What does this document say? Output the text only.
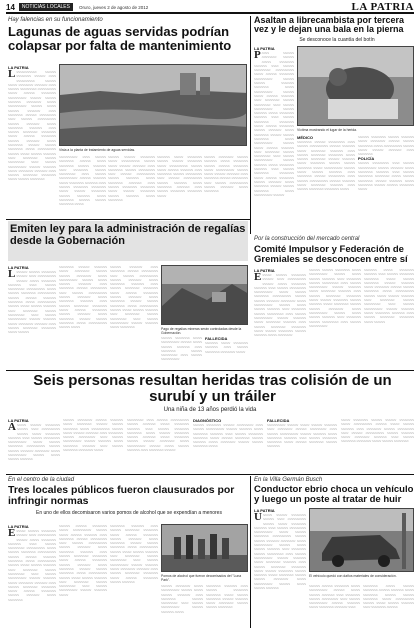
14	NOTICIAS LOCALES	Oruro, jueves 2 de agosto de 2012	LA PATRIA
Hay falencias en su funcionamiento
Lagunas de aguas servidas podrían colapsar por falta de mantenimiento
LA PATRIA
L ~~~~~~~~~~~ ~~~~~~ ~~~~~~~~ ~~~~~~ ~~~~ ~~~~~~~~~~ ~~~~~~ ~~~~~ ~~~~~~~~ ~~~~~~~ ~~~~ ~~~~~~ ~~~~~~~~~ ~~~~~~~~~~ ~~~~~ ~~~~~~ ~~~~~~~~ ~~~~~~~~~~ ~~~~~~ ~~~~~~ ~~~~~~~ ~~~~~~~~ ~~~~~ ~~~~~~~~~~ ~~~~~~ ~~~~~ ~~~~~~ ~~~~~~~ ~~~~ ~~~~~~~~ ~~~~~~ ~~~~~~~~~ ~~~~ ~~~~~~ ~~~~~~~~~~ ~~~~~~ ~~~~~~~ ~~~~~ ~~~~~~~~ ~~~~~~~ ~~~~ ~~~~~~ ~~~~~~~~ ~~~~~~~~ ~~~~~ ~~~~~~ ~~~~~~~~ ~~~~~~ ~~~~~~~ ~~~~~ ~~~~~~~~ ~~~~~~ ~~~~~~ ~~~~~~~~ ~~~~~ ~~~~~~~~~~ ~~~~~~ ~~~~~ ~~~~~~ ~~~~~~~ ~~~~ ~~~~~~~~ ~~~~~~ ~~~~~~~~~ ~~~~ ~~~~~~ ~~~~~~~~~~ ~~~~~~ ~~~~~~~ ~~~~~ ~~~~~~~~ ~~~~~~~ ~~~~ ~~~~~~ ~~~~~~~~ ~~~~~~~~ ~~~~~ ~~~~~~ ~~~~~~~~
Vista a la planta de tratamiento de aguas servidas.
~~~~~~~~~~ ~~~~ ~~~~~~ ~~~~~~~~ ~~~~~~ ~~~~~ ~~~~~~~~ ~~~~~~ ~~~~~~~ ~~~~ ~~~~~~~~ ~~~~~~ ~~~~~~~~~ ~~~~ ~~~~~~ ~~~~~~~~~~ ~~~~~~ ~~~~~~~ ~~~~~ ~~~~~~~~ ~~~~~~~ ~~~~ ~~~~~~ ~~~~~~~~ ~~~~~~~~ ~~~~~ ~~~~~~ ~~~~~~~~ ~~~~~~ ~~~~~~~ ~~~~~ ~~~~~~~~ ~~~~~~ ~~~~~~ ~~~~~~~~ ~~~~~
~~~~~~ ~~~~~~ ~~~~~~~~ ~~~~~ ~~~~~~~~~~ ~~~~~~ ~~~~~ ~~~~~~ ~~~~~~~ ~~~~ ~~~~~~~~ ~~~~~~ ~~~~~~~~~ ~~~~ ~~~~~~ ~~~~~~~~~~ ~~~~~~ ~~~~~~~ ~~~~~ ~~~~~~~~ ~~~~~~~ ~~~~ ~~~~~~ ~~~~~~~~ ~~~~~~~~ ~~~~~ ~~~~~~ ~~~~~~~~ ~~~~~~ ~~~~~~~ ~~~~~ ~~~~~~~~
~~~~~~~ ~~~~~ ~~~~~~~~ ~~~~~~ ~~~~~~ ~~~~~~~~ ~~~~~ ~~~~~~~~~~ ~~~~~~ ~~~~~ ~~~~~~ ~~~~~~~ ~~~~ ~~~~~~~~ ~~~~~~ ~~~~~~~~~ ~~~~ ~~~~~~ ~~~~~~~~~~ ~~~~~~ ~~~~~~~ ~~~~~ ~~~~~~~~ ~~~~~~~ ~~~~ ~~~~~~ ~~~~~~~~ ~~~~~~~~ ~~~~~
~~~~~~ ~~~~~~~~ ~~~~~~ ~~~~~~~ ~~~~~ ~~~~~~~~ ~~~~~~ ~~~~~~ ~~~~~~~~ ~~~~~ ~~~~~~~~~~ ~~~~~~ ~~~~~ ~~~~~~ ~~~~~~~ ~~~~ ~~~~~~~~ ~~~~~~ ~~~~~~~~~ ~~~~ ~~~~~~ ~~~~~~~~~~ ~~~~~~ ~~~~~~~ ~~~~~ ~~~~~~~~
Asaltan a librecambista por tercera vez y le dejan una bala en la pierna
Se desconoce la cuantía del botín
LA PATRIA
P ~~~~ ~~~~~~ ~~~~~~~~ ~~~~~~ ~~~~~ ~~~~~~~~ ~~~~~~~ ~~~~ ~~~~~~ ~~~~~~~~~ ~~~~~~~~~~ ~~~~~ ~~~~~~ ~~~~~~~~ ~~~~~~~~~~ ~~~~~~ ~~~~~~ ~~~~~~~ ~~~~~~~~ ~~~~~ ~~~~~~~~~~ ~~~~~~ ~~~~~ ~~~~~~ ~~~~~~~ ~~~~ ~~~~~~~~ ~~~~~~ ~~~~~~~~~ ~~~~ ~~~~~~ ~~~~~~~~~~ ~~~~~~ ~~~~~~~ ~~~~~ ~~~~~~~~ ~~~~~~~ ~~~~ ~~~~~~ ~~~~~~~~ ~~~~~~~~ ~~~~~ ~~~~~~ ~~~~~~~~ ~~~~~~ ~~~~~~~ ~~~~~ ~~~~~~~~ ~~~~~~ ~~~~~~ ~~~~~~~~ ~~~~~ ~~~~~~~~~~ ~~~~~~ ~~~~~ ~~~~~~ ~~~~~~~ ~~~~ ~~~~~~~~ ~~~~~~ ~~~~~~~~~ ~~~~ ~~~~~~ ~~~~~~~~~~ ~~~~~~ ~~~~~~~ ~~~~~ ~~~~~~~~ ~~~~~~~ ~~~~ ~~~~~~ ~~~~~~~~ ~~~~~~~~ ~~~~~ ~~~~~~ ~~~~~~~~ ~~~~~~ ~~~~~~~ ~~~~~ ~~~~~~~~ ~~~~~~ ~~~~~~ ~~~~~~~~ ~~~~~ ~~~~~~~~~~ ~~~~~~
Víctima mostrando el lugar de la herida.
MÉDICO
~~~~~~~~ ~~~~~~ ~~~~~~~~~ ~~~~ ~~~~~~ ~~~~~~~~~~ ~~~~~~ ~~~~~~~ ~~~~~ ~~~~~~~~ ~~~~~~~ ~~~~ ~~~~~~ ~~~~~~~~ ~~~~~~~~ ~~~~~ ~~~~~~ ~~~~~~~~ ~~~~~~ ~~~~~~~ ~~~~~ ~~~~~~~~ ~~~~~~ ~~~~~~ ~~~~~~~~ ~~~~~ ~~~~~~~~~~ ~~~~~~ ~~~~~ ~~~~~~ ~~~~~~~ ~~~~ ~~~~~~~~ ~~~~~~ ~~~~~~~~~ ~~~~ ~~~~~~ ~~~~~~~~~~ ~~~~~~ ~~~~~~~ ~~~~~ ~~~~~~~~ ~~~~~~~ ~~~~ ~~~~~~ ~~~~~~~~ ~~~~~~~~ ~~~~~
~~~~~~ ~~~~~~~~ ~~~~~~ ~~~~~~~ ~~~~~ ~~~~~~~~ ~~~~~~ ~~~~~~ ~~~~~~~~ ~~~~~ ~~~~~~~~~~ ~~~~~~ ~~~~~ ~~~~~~ ~~~~~~~ ~~~~ ~~~~~~~~
POLICÍA
~~~~~~ ~~~~~~~~~ ~~~~ ~~~~~~ ~~~~~~~~~~ ~~~~~~ ~~~~~~~ ~~~~~ ~~~~~~~~ ~~~~~~~ ~~~~ ~~~~~~ ~~~~~~~~ ~~~~~~~~ ~~~~~ ~~~~~~ ~~~~~~~~ ~~~~~~ ~~~~~~~ ~~~~~ ~~~~~~~~ ~~~~~~ ~~~~~~ ~~~~~~~~ ~~~~~
Emiten ley para la administración de regalías desde la Gobernación
LA PATRIA
L ~~~~~~ ~~~~~~ ~~~~~~~~ ~~~~~~ ~~~~ ~~~~~~~~~~ ~~~~~~ ~~~~~ ~~~~~~~~ ~~~~~~~ ~~~~ ~~~~~~ ~~~~~~~~~ ~~~~~~~~~~ ~~~~~ ~~~~~~ ~~~~~~~~ ~~~~~~~~~~ ~~~~~~ ~~~~~~ ~~~~~~~ ~~~~~~~~ ~~~~~ ~~~~~~~~~~ ~~~~~~ ~~~~~ ~~~~~~ ~~~~~~~ ~~~~ ~~~~~~~~ ~~~~~~ ~~~~~~~~~ ~~~~ ~~~~~~ ~~~~~~~~~~ ~~~~~~ ~~~~~~~ ~~~~~ ~~~~~~~~ ~~~~~~~ ~~~~ ~~~~~~ ~~~~~~~~ ~~~~~~~~ ~~~~~ ~~~~~~
~~~~~~~~ ~~~~~~ ~~~~~~~ ~~~~~ ~~~~~~~~ ~~~~~~ ~~~~~~ ~~~~~~~~ ~~~~~ ~~~~~~~~~~ ~~~~~~ ~~~~~ ~~~~~~ ~~~~~~~ ~~~~ ~~~~~~~~ ~~~~~~ ~~~~~~~~~ ~~~~ ~~~~~~ ~~~~~~~~~~ ~~~~~~ ~~~~~~~ ~~~~~ ~~~~~~~~ ~~~~~~~ ~~~~ ~~~~~~ ~~~~~~~~ ~~~~~~~~ ~~~~~ ~~~~~~ ~~~~~~~~ ~~~~~~ ~~~~~~~ ~~~~~ ~~~~~~~~ ~~~~~~ ~~~~~~ ~~~~~~~~ ~~~~~ ~~~~~~~~~~ ~~~~~~ ~~~~~
~~~~~~ ~~~~~~~ ~~~~ ~~~~~~~~ ~~~~~~ ~~~~~~~~~ ~~~~ ~~~~~~ ~~~~~~~~~~ ~~~~~~ ~~~~~~~ ~~~~~ ~~~~~~~~ ~~~~~~~ ~~~~ ~~~~~~ ~~~~~~~~ ~~~~~~~~ ~~~~~ ~~~~~~ ~~~~~~~~ ~~~~~~ ~~~~~~~ ~~~~~ ~~~~~~~~ ~~~~~~ ~~~~~~ ~~~~~~~~ ~~~~~ ~~~~~~~~~~ ~~~~~~ ~~~~~ ~~~~~~ ~~~~~~~ ~~~~ ~~~~~~~~ ~~~~~~ ~~~~~~~~~ ~~~~ ~~~~~~ ~~~~~~~~~~ ~~~~~~ ~~~~~~~ ~~~~~ ~~~~~~~~	Pago de regalías mineras serán controladas desde la Gobernación.
~~~~~~ ~~~~~~~~ ~~~~~ ~~~~~~~~~~ ~~~~~~ ~~~~~ ~~~~~~ ~~~~~~~ ~~~~ ~~~~~~~~ ~~~~~~ ~~~~~~~~~ ~~~~ ~~~~~~ ~~~~~~~~~~
FALLECIDA
~~~~~~~ ~~~~~ ~~~~~~~~ ~~~~~~~ ~~~~ ~~~~~~ ~~~~~~~~ ~~~~~~~~ ~~~~~
Por la construcción del mercado central
Comité Impulsor y Federación de Gremiales se desconocen entre sí
LA PATRIA
E ~~~~~ ~~~~~~ ~~~~~~~~ ~~~~~~ ~~~~ ~~~~~~~~~~ ~~~~~~ ~~~~~ ~~~~~~~~ ~~~~~~~ ~~~~ ~~~~~~ ~~~~~~~~~ ~~~~~~~~~~ ~~~~~ ~~~~~~ ~~~~~~~~ ~~~~~~~~~~ ~~~~~~ ~~~~~~ ~~~~~~~ ~~~~~~~~ ~~~~~ ~~~~~~~~~~ ~~~~~~ ~~~~~ ~~~~~~ ~~~~~~~ ~~~~ ~~~~~~~~ ~~~~~~ ~~~~~~~~~ ~~~~ ~~~~~~ ~~~~~~~~~~ ~~~~~~ ~~~~~~~ ~~~~~ ~~~~~~~~ ~~~~~~~ ~~~~ ~~~~~~ ~~~~~~~~ ~~~~~~~~ ~~~~~ ~~~~~~ ~~~~~~~~ ~~~~~~ ~~~~~~~ ~~~~~ ~~~~~~~~
~~~~~~ ~~~~~~ ~~~~~~~~ ~~~~~ ~~~~~~~~~~ ~~~~~~ ~~~~~ ~~~~~~ ~~~~~~~ ~~~~ ~~~~~~~~ ~~~~~~ ~~~~~~~~~ ~~~~ ~~~~~~ ~~~~~~~~~~ ~~~~~~ ~~~~~~~ ~~~~~ ~~~~~~~~ ~~~~~~~ ~~~~ ~~~~~~ ~~~~~~~~ ~~~~~~~~ ~~~~~ ~~~~~~ ~~~~~~~~ ~~~~~~ ~~~~~~~ ~~~~~ ~~~~~~~~ ~~~~~~ ~~~~~~ ~~~~~~~~ ~~~~~ ~~~~~~~~~~ ~~~~~~ ~~~~~ ~~~~~~ ~~~~~~~ ~~~~ ~~~~~~~~ ~~~~~~ ~~~~~~~~~ ~~~~ ~~~~~~ ~~~~~~~~~~
~~~~~~~ ~~~~~ ~~~~~~~~ ~~~~~~~ ~~~~ ~~~~~~ ~~~~~~~~ ~~~~~~~~ ~~~~~ ~~~~~~ ~~~~~~~~ ~~~~~~ ~~~~~~~ ~~~~~ ~~~~~~~~ ~~~~~~ ~~~~~~ ~~~~~~~~ ~~~~~ ~~~~~~~~~~ ~~~~~~ ~~~~~ ~~~~~~ ~~~~~~~ ~~~~ ~~~~~~~~ ~~~~~~ ~~~~~~~~~ ~~~~ ~~~~~~ ~~~~~~~~~~ ~~~~~~ ~~~~~~~ ~~~~~ ~~~~~~~~ ~~~~~~~ ~~~~ ~~~~~~ ~~~~~~~~ ~~~~~~~~ ~~~~~ ~~~~~~
Seis personas resultan heridas tras colisión de un surubí y un tráiler
Una niña de 13 años perdió la vida
LA PATRIA
A ~~~~~ ~~~~~~ ~~~~~~~~ ~~~~~~ ~~~~ ~~~~~~~~~~ ~~~~~~ ~~~~~ ~~~~~~~~ ~~~~~~~ ~~~~ ~~~~~~ ~~~~~~~~~ ~~~~~~~~~~ ~~~~~ ~~~~~~ ~~~~~~~~ ~~~~~~~~~~ ~~~~~~ ~~~~~~ ~~~~~~~ ~~~~~~~~ ~~~~~ ~~~~~~~~~~ ~~~~~~ ~~~~~ ~~~~~~ ~~~~~~~
~~~~~~ ~~~~~~~~ ~~~~~~ ~~~~~~~ ~~~~~ ~~~~~~~~ ~~~~~~ ~~~~~~ ~~~~~~~~ ~~~~~ ~~~~~~~~~~ ~~~~~~ ~~~~~ ~~~~~~ ~~~~~~~ ~~~~ ~~~~~~~~ ~~~~~~ ~~~~~~~~~ ~~~~ ~~~~~~ ~~~~~~~~~~ ~~~~~~ ~~~~~~~ ~~~~~ ~~~~~~~~ ~~~~~~~ ~~~~ ~~~~~~ ~~~~~~~~ ~~~~~~~~ ~~~~~
~~~~~~~~~ ~~~~ ~~~~~~ ~~~~~~~~~~ ~~~~~~ ~~~~~~~ ~~~~~ ~~~~~~~~ ~~~~~~~ ~~~~ ~~~~~~ ~~~~~~~~ ~~~~~~~~ ~~~~~ ~~~~~~ ~~~~~~~~ ~~~~~~ ~~~~~~~ ~~~~~ ~~~~~~~~ ~~~~~~ ~~~~~~ ~~~~~~~~ ~~~~~ ~~~~~~~~~~ ~~~~~~ ~~~~~ ~~~~~~ ~~~~~~~ ~~~~ ~~~~~~~~ ~~~~~~
DIAGNÓSTICO
~~~~~~ ~~~~~~~~ ~~~~~~ ~~~~~~~~~ ~~~~ ~~~~~~ ~~~~~~~~~~ ~~~~~~ ~~~~~~~ ~~~~~ ~~~~~~~~ ~~~~~~~ ~~~~ ~~~~~~ ~~~~~~~~ ~~~~~~~~ ~~~~~ ~~~~~~ ~~~~~~~~ ~~~~~~ ~~~~~~~ ~~~~~ ~~~~~~~~ ~~~~~~ ~~~~~~ ~~~~~~~~ ~~~~~
FALLECIDA
~~~~~~~~~~ ~~~~~~ ~~~~~ ~~~~~~ ~~~~~~~ ~~~~ ~~~~~~~~ ~~~~~~ ~~~~~~~~~ ~~~~ ~~~~~~ ~~~~~~~~~~ ~~~~~~ ~~~~~~~ ~~~~~ ~~~~~~~~ ~~~~~~~ ~~~~ ~~~~~~ ~~~~~~~~ ~~~~~~~~ ~~~~~ ~~~~~~ ~~~~~~~~ ~~~~~~ ~~~~~~~
~~~~~ ~~~~~~~~ ~~~~~~ ~~~~~~ ~~~~~~~~ ~~~~~ ~~~~~~~~~~ ~~~~~~ ~~~~~ ~~~~~~ ~~~~~~~ ~~~~ ~~~~~~~~ ~~~~~~ ~~~~~~~~~ ~~~~ ~~~~~~ ~~~~~~~~~~ ~~~~~~ ~~~~~~~ ~~~~~ ~~~~~~~~ ~~~~~~~ ~~~~ ~~~~~~ ~~~~~~~~ ~~~~~~~~ ~~~~~ ~~~~~~ ~~~~~~~~
En el centro de la ciudad
Tres locales públicos fueron clausurados por infringir normas
En uno de ellos decomisaron varios pomos de alcohol que se expendían a menores
LA PATRIA
E ~~~~~ ~~~~~~ ~~~~~~~~ ~~~~~~ ~~~~ ~~~~~~~~~~ ~~~~~~ ~~~~~ ~~~~~~~~ ~~~~~~~ ~~~~ ~~~~~~ ~~~~~~~~~ ~~~~~~~~~~ ~~~~~ ~~~~~~ ~~~~~~~~ ~~~~~~~~~~ ~~~~~~ ~~~~~~ ~~~~~~~ ~~~~~~~~ ~~~~~ ~~~~~~~~~~ ~~~~~~ ~~~~~ ~~~~~~ ~~~~~~~ ~~~~ ~~~~~~~~ ~~~~~~ ~~~~~~~~~ ~~~~ ~~~~~~ ~~~~~~~~~~ ~~~~~~ ~~~~~~~ ~~~~~ ~~~~~~~~ ~~~~~~~ ~~~~ ~~~~~~ ~~~~~~~~ ~~~~~~~~ ~~~~~ ~~~~~~ ~~~~~~~~ ~~~~~~ ~~~~~~~ ~~~~~ ~~~~~~~~
~~~~~~ ~~~~~~ ~~~~~~~~ ~~~~~ ~~~~~~~~~~ ~~~~~~ ~~~~~ ~~~~~~ ~~~~~~~ ~~~~ ~~~~~~~~ ~~~~~~ ~~~~~~~~~ ~~~~ ~~~~~~ ~~~~~~~~~~ ~~~~~~ ~~~~~~~ ~~~~~ ~~~~~~~~ ~~~~~~~ ~~~~ ~~~~~~ ~~~~~~~~ ~~~~~~~~ ~~~~~ ~~~~~~ ~~~~~~~~ ~~~~~~ ~~~~~~~ ~~~~~ ~~~~~~~~ ~~~~~~ ~~~~~~ ~~~~~~~~ ~~~~~ ~~~~~~~~~~ ~~~~~~ ~~~~~ ~~~~~~ ~~~~~~~ ~~~~ ~~~~~~~~ ~~~~~~ ~~~~~~~~~ ~~~~ ~~~~~~ ~~~~~~~~~~ ~~~~~~ ~~~~~~~ ~~~~~
~~~~~~~~ ~~~~~~~ ~~~~ ~~~~~~ ~~~~~~~~ ~~~~~~~~ ~~~~~ ~~~~~~ ~~~~~~~~ ~~~~~~ ~~~~~~~ ~~~~~ ~~~~~~~~ ~~~~~~ ~~~~~~ ~~~~~~~~ ~~~~~ ~~~~~~~~~~ ~~~~~~ ~~~~~ ~~~~~~ ~~~~~~~ ~~~~ ~~~~~~~~ ~~~~~~ ~~~~~~~~~ ~~~~ ~~~~~~ ~~~~~~~~~~ ~~~~~~ ~~~~~~~ ~~~~~ ~~~~~~~~ ~~~~~~~ ~~~~ ~~~~~~ ~~~~~~~~ ~~~~~~~~ ~~~~~ ~~~~~~ ~~~~~~~~ ~~~~~~ ~~~~~~~
Pomos de alcohol que fueron decomisados del "Luna Park".
~~~~~~ ~~~~~~~~ ~~~~~ ~~~~~~~~~~ ~~~~~~ ~~~~~ ~~~~~~ ~~~~~~~ ~~~~ ~~~~~~~~ ~~~~~~ ~~~~~~~~~ ~~~~ ~~~~~~ ~~~~~~~~~~ ~~~~~~ ~~~~~~~ ~~~~~
~~~~~~~~ ~~~~~~~ ~~~~ ~~~~~~ ~~~~~~~~ ~~~~~~~~ ~~~~~ ~~~~~~ ~~~~~~~~ ~~~~~~ ~~~~~~~ ~~~~~ ~~~~~~~~ ~~~~~~ ~~~~~~ ~~~~~~~~
En la Villa Germán Busch
Conductor ebrio choca un vehículo y luego un poste al tratar de huir
LA PATRIA
U ~~~~~ ~~~~~~ ~~~~~~~~ ~~~~~~ ~~~~ ~~~~~~~~~~ ~~~~~~ ~~~~~ ~~~~~~~~ ~~~~~~~ ~~~~ ~~~~~~ ~~~~~~~~~ ~~~~~~~~~~ ~~~~~ ~~~~~~ ~~~~~~~~ ~~~~~~~~~~ ~~~~~~ ~~~~~~ ~~~~~~~ ~~~~~~~~ ~~~~~ ~~~~~~~~~~ ~~~~~~ ~~~~~ ~~~~~~ ~~~~~~~ ~~~~ ~~~~~~~~ ~~~~~~ ~~~~~~~~~ ~~~~ ~~~~~~ ~~~~~~~~~~ ~~~~~~ ~~~~~~~ ~~~~~ ~~~~~~~~ ~~~~~~~ ~~~~ ~~~~~~ ~~~~~~~~ ~~~~~~~~ ~~~~~ ~~~~~~ ~~~~~~~~ ~~~~~~ ~~~~~~~ ~~~~~ ~~~~~~~~ ~~~~~~ ~~~~~~ ~~~~~~~~ ~~~~~ ~~~~~~~~~~ ~~~~~~ ~~~~~ ~~~~~~ ~~~~~~~
El vehículo quedó con daños materiales de consideración.
~~~~~~ ~~~~~~ ~~~~~~~~ ~~~~~ ~~~~~~~~~~ ~~~~~~ ~~~~~ ~~~~~~ ~~~~~~~ ~~~~ ~~~~~~~~ ~~~~~~ ~~~~~~~~~ ~~~~ ~~~~~~ ~~~~~~~~~~ ~~~~~~ ~~~~~~~ ~~~~~ ~~~~~~~~ ~~~~~~~ ~~~~
~~~~~~~~ ~~~~~ ~~~~~~ ~~~~~~~~ ~~~~~~ ~~~~~~~ ~~~~~ ~~~~~~~~ ~~~~~~ ~~~~~~ ~~~~~~~~ ~~~~~ ~~~~~~~~~~ ~~~~~~ ~~~~~ ~~~~~~ ~~~~~~~ ~~~~ ~~~~~~~~ ~~~~~~
